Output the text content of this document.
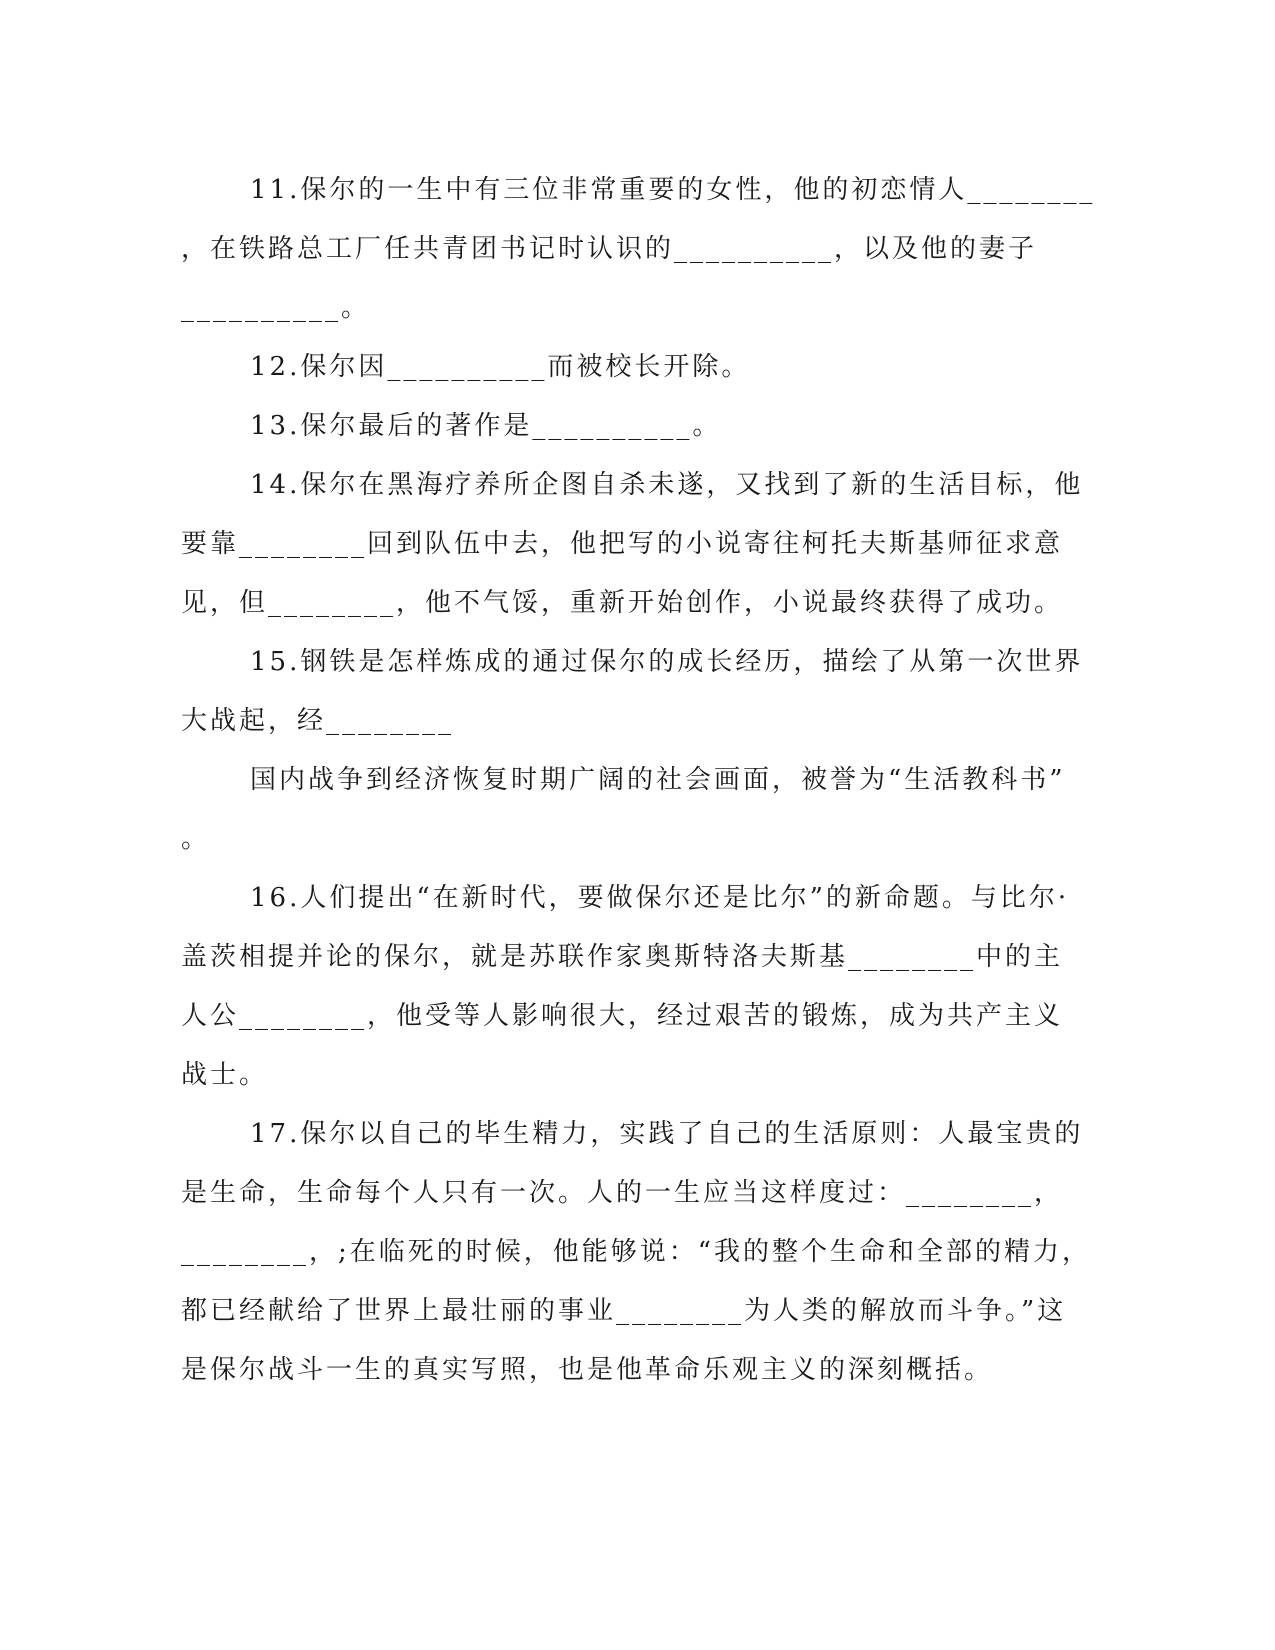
11.保尔的一生中有三位非常重要的女性，他的初恋情人________
，在铁路总工厂任共青团书记时认识的__________，以及他的妻子
__________。
12.保尔因__________而被校长开除。
13.保尔最后的著作是__________。
14.保尔在黑海疗养所企图自杀未遂，又找到了新的生活目标，他
要靠________回到队伍中去，他把写的小说寄往柯托夫斯基师征求意
见，但________，他不气馁，重新开始创作，小说最终获得了成功。
15.钢铁是怎样炼成的通过保尔的成长经历，描绘了从第一次世界
大战起，经________
国内战争到经济恢复时期广阔的社会画面，被誉为“生活教科书”
。
16.人们提出“在新时代，要做保尔还是比尔”的新命题。与比尔·
盖茨相提并论的保尔，就是苏联作家奥斯特洛夫斯基________中的主
人公________，他受等人影响很大，经过艰苦的锻炼，成为共产主义
战士。
17.保尔以自己的毕生精力，实践了自己的生活原则：人最宝贵的
是生命，生命每个人只有一次。人的一生应当这样度过：________，
________，;在临死的时候，他能够说：“我的整个生命和全部的精力，
都已经献给了世界上最壮丽的事业________为人类的解放而斗争。”这
是保尔战斗一生的真实写照，也是他革命乐观主义的深刻概括。
